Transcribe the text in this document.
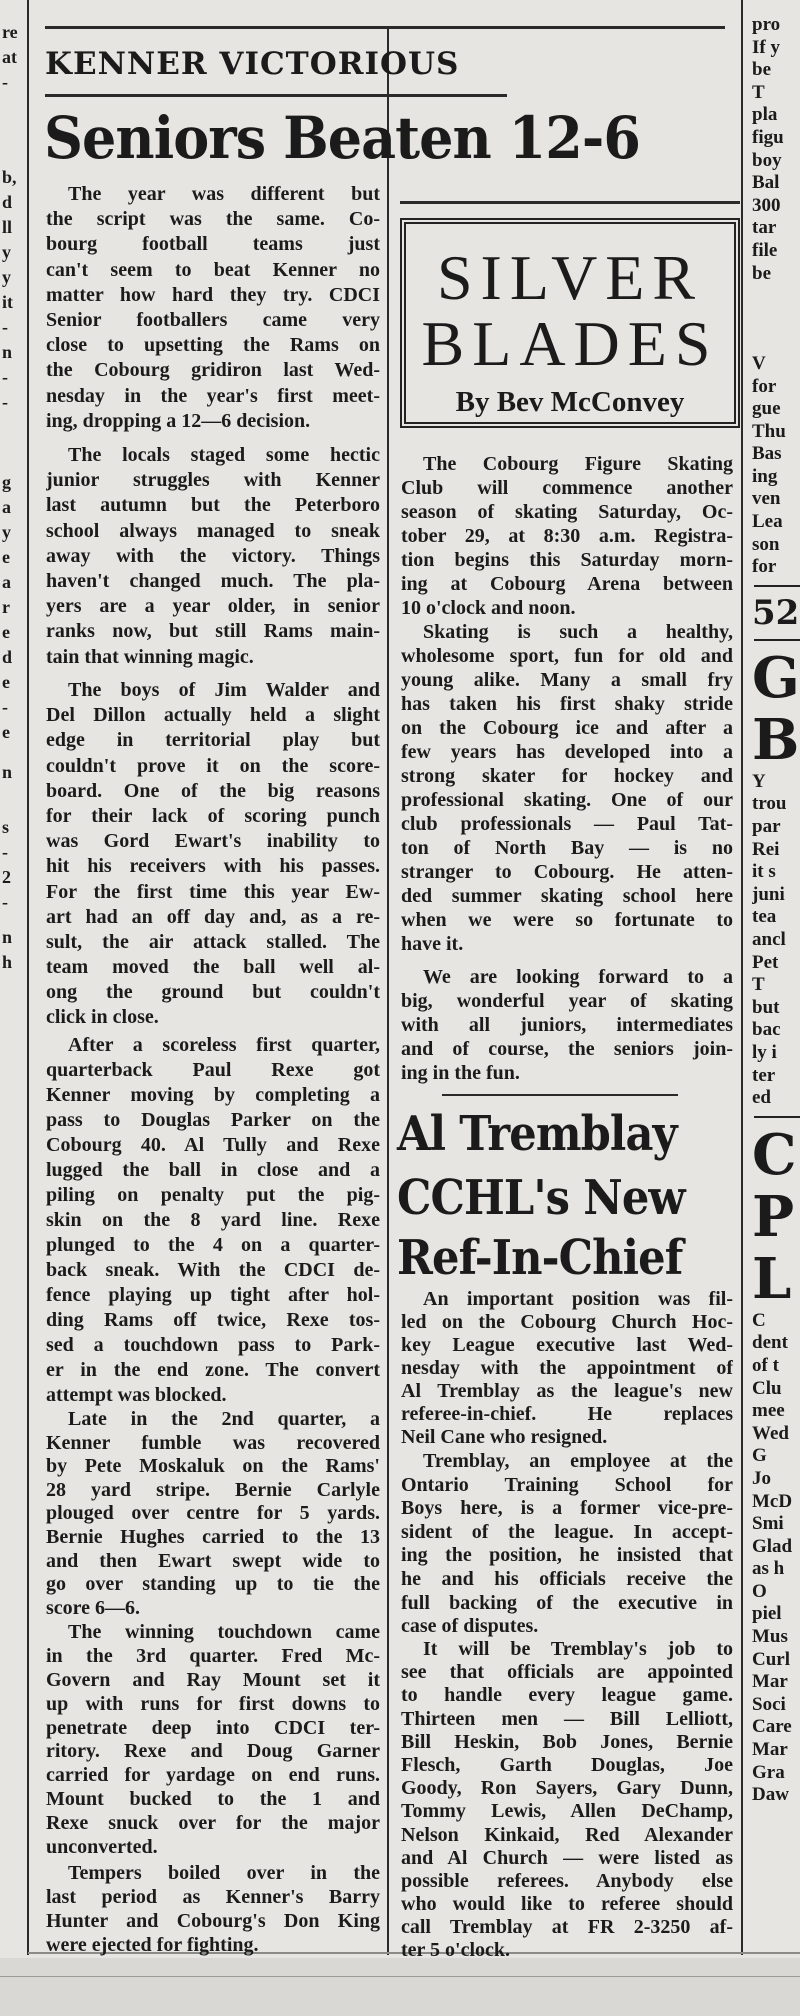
re
at
-
b,
d
ll
y
y
it
-
n
-
-
g
a
y
e
a
r
e
d
e
-
e
n
s
-
2
-
n
h
KENNER VICTORIOUS
Seniors Beaten 12-6
The year was different but
the script was the same. Co-
bourg football teams just
can't seem to beat Kenner no
matter how hard they try. CDCI
Senior footballers came very
close to upsetting the Rams on
the Cobourg gridiron last Wed-
nesday in the year's first meet-
ing, dropping a 12—6 decision.
The locals staged some hectic
junior struggles with Kenner
last autumn but the Peterboro
school always managed to sneak
away with the victory. Things
haven't changed much. The pla-
yers are a year older, in senior
ranks now, but still Rams main-
tain that winning magic.
The boys of Jim Walder and
Del Dillon actually held a slight
edge in territorial play but
couldn't prove it on the score-
board. One of the big reasons
for their lack of scoring punch
was Gord Ewart's inability to
hit his receivers with his passes.
For the first time this year Ew-
art had an off day and, as a re-
sult, the air attack stalled. The
team moved the ball well al-
ong the ground but couldn't
click in close.
After a scoreless first quarter,
quarterback Paul Rexe got
Kenner moving by completing a
pass to Douglas Parker on the
Cobourg 40. Al Tully and Rexe
lugged the ball in close and a
piling on penalty put the pig-
skin on the 8 yard line. Rexe
plunged to the 4 on a quarter-
back sneak. With the CDCI de-
fence playing up tight after hol-
ding Rams off twice, Rexe tos-
sed a touchdown pass to Park-
er in the end zone. The convert
attempt was blocked.
Late in the 2nd quarter, a
Kenner fumble was recovered
by Pete Moskaluk on the Rams'
28 yard stripe. Bernie Carlyle
plouged over centre for 5 yards.
Bernie Hughes carried to the 13
and then Ewart swept wide to
go over standing up to tie the
score 6—6.
The winning touchdown came
in the 3rd quarter. Fred Mc-
Govern and Ray Mount set it
up with runs for first downs to
penetrate deep into CDCI ter-
ritory. Rexe and Doug Garner
carried for yardage on end runs.
Mount bucked to the 1 and
Rexe snuck over for the major
unconverted.
Tempers boiled over in the
last period as Kenner's Barry
Hunter and Cobourg's Don King
were ejected for fighting.
SILVER
BLADES
By Bev McConvey
The Cobourg Figure Skating
Club will commence another
season of skating Saturday, Oc-
tober 29, at 8:30 a.m. Registra-
tion begins this Saturday morn-
ing at Cobourg Arena between
10 o'clock and noon.
Skating is such a healthy,
wholesome sport, fun for old and
young alike. Many a small fry
has taken his first shaky stride
on the Cobourg ice and after a
few years has developed into a
strong skater for hockey and
professional skating. One of our
club professionals — Paul Tat-
ton of North Bay — is no
stranger to Cobourg. He atten-
ded summer skating school here
when we were so fortunate to
have it.
We are looking forward to a
big, wonderful year of skating
with all juniors, intermediates
and of course, the seniors join-
ing in the fun.
Al Tremblay
CCHL's New
Ref-In-Chief
An important position was fil-
led on the Cobourg Church Hoc-
key League executive last Wed-
nesday with the appointment of
Al Tremblay as the league's new
referee-in-chief. He replaces
Neil Cane who resigned.
Tremblay, an employee at the
Ontario Training School for
Boys here, is a former vice-pre-
sident of the league. In accept-
ing the position, he insisted that
he and his officials receive the
full backing of the executive in
case of disputes.
It will be Tremblay's job to
see that officials are appointed
to handle every league game.
Thirteen men — Bill Lelliott,
Bill Heskin, Bob Jones, Bernie
Flesch, Garth Douglas, Joe
Goody, Ron Sayers, Gary Dunn,
Tommy Lewis, Allen DeChamp,
Nelson Kinkaid, Red Alexander
and Al Church — were listed as
possible referees. Anybody else
who would like to referee should
call Tremblay at FR 2-3250 af-
ter 5 o'clock.
pro
If y
be
T
pla
figu
boy
Bal
300
tar
file
be
V
for
gue
Thu
Bas
ing
ven
Lea
son
for
52
G
B
Y
trou
par
Rei
it s
juni
tea
ancl
Pet
T
but
bac
ly i
ter
ed
C
P
L
C
dent
of t
Clu
mee
Wed
G
Jo
McD
Smi
Glad
as h
O
piel
Mus
Curl
Mar
Soci
Care
Mar
Gra
Daw
